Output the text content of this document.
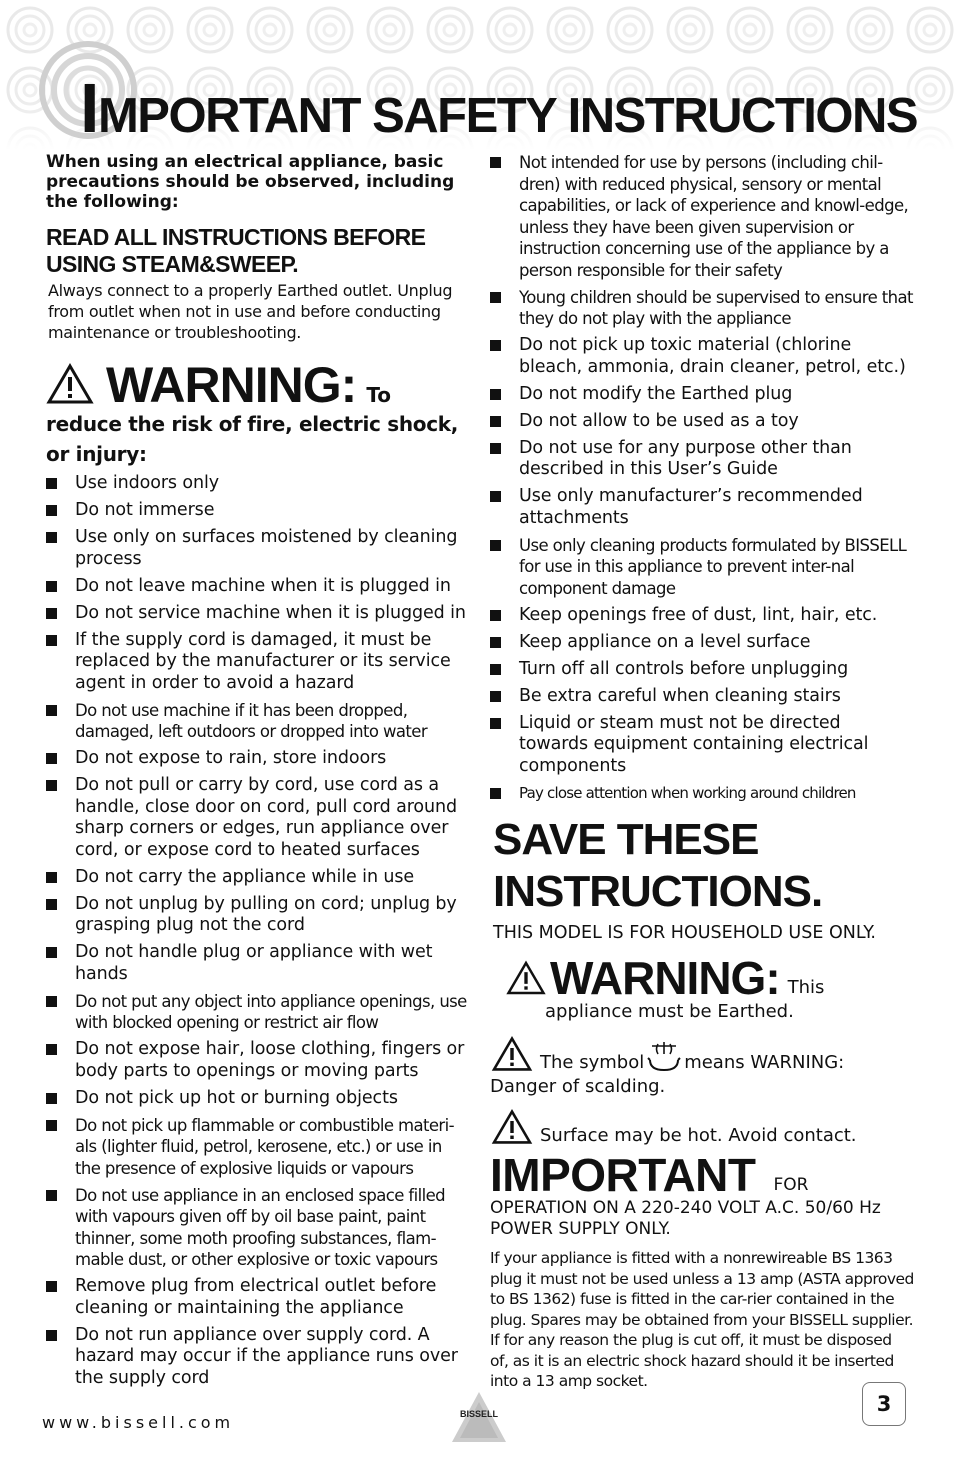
IMPORTANT SAFETY INSTRUCTIONS

When using an electrical appliance, basic precautions should be observed, including the following:

READ ALL INSTRUCTIONS BEFORE USING STEAM&SWEEP.

Always connect to a properly Earthed outlet. Unplug from outlet when not in use and before conducting maintenance or troubleshooting.

WARNING: To

reduce the risk of fire, electric shock, or injury:

Use indoors only
Do not immerse
Use only on surfaces moistened by cleaning process
Do not leave machine when it is plugged in
Do not service machine when it is plugged in
If the supply cord is damaged, it must be replaced by the manufacturer or its service agent in order to avoid a hazard
Do not use machine if it has been dropped, damaged, left outdoors or dropped into water
Do not expose to rain, store indoors
Do not pull or carry by cord, use cord as a handle, close door on cord, pull cord around sharp corners or edges, run appliance over cord, or expose cord to heated surfaces
Do not carry the appliance while in use
Do not unplug by pulling on cord; unplug by grasping plug not the cord
Do not handle plug or appliance with wet hands
Do not put any object into appliance openings, use with blocked opening or restrict air flow
Do not expose hair, loose clothing, fingers or body parts to openings or moving parts
Do not pick up hot or burning objects
Do not pick up flammable or combustible materi-als (lighter fluid, petrol, kerosene, etc.) or use in the presence of explosive liquids or vapours
Do not use appliance in an enclosed space filled with vapours given off by oil base paint, paint thinner, some moth proofing substances, flam-mable dust, or other explosive or toxic vapours
Remove plug from electrical outlet before cleaning or maintaining the appliance
Do not run appliance over supply cord. A hazard may occur if the appliance runs over the supply cord
Not intended for use by persons (including chil-dren) with reduced physical, sensory or mental capabilities, or lack of experience and knowl-edge, unless they have been given supervision or instruction concerning use of the appliance by a person responsible for their safety
Young children should be supervised to ensure that they do not play with the appliance
Do not pick up toxic material (chlorine bleach, ammonia, drain cleaner, petrol, etc.)
Do not modify the Earthed plug
Do not allow to be used as a toy
Do not use for any purpose other than described in this User’s Guide
Use only manufacturer’s recommended attachments
Use only cleaning products formulated by BISSELL for use in this appliance to prevent inter-nal component damage
Keep openings free of dust, lint, hair, etc.
Keep appliance on a level surface
Turn off all controls before unplugging
Be extra careful when cleaning stairs
Liquid or steam must not be directed towards equipment containing electrical components
Pay close attention when working around children

SAVE THESE INSTRUCTIONS.

THIS MODEL IS FOR HOUSEHOLD USE ONLY.

WARNING: This

appliance must be Earthed.

The symbol means WARNING: Danger of scalding.

Surface may be hot. Avoid contact.

IMPORTANT FOR

OPERATION ON A 220-240 VOLT A.C. 50/60 Hz POWER SUPPLY ONLY.

If your appliance is fitted with a nonrewireable BS 1363 plug it must not be used unless a 13 amp (ASTA approved to BS 1362) fuse is fitted in the car-rier contained in the plug. Spares may be obtained from your BISSELL supplier. If for any reason the plug is cut off, it must be disposed of, as it is an electric shock hazard should it be inserted into a 13 amp socket.

www.bissell.com	BISSELL	3
